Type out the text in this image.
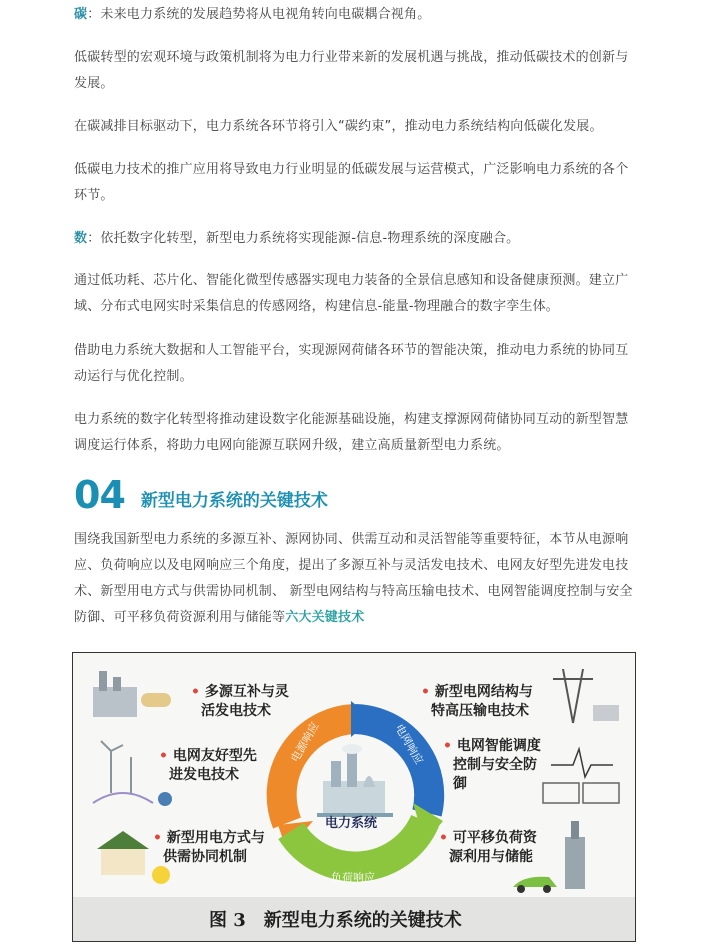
碳：未来电力系统的发展趋势将从电视角转向电碳耦合视角。

低碳转型的宏观环境与政策机制将为电力行业带来新的发展机遇与挑战，推动低碳技术的创新与发展。

在碳减排目标驱动下，电力系统各环节将引入“碳约束”，推动电力系统结构向低碳化发展。

低碳电力技术的推广应用将导致电力行业明显的低碳发展与运营模式，广泛影响电力系统的各个环节。

数：依托数字化转型，新型电力系统将实现能源-信息-物理系统的深度融合。

通过低功耗、芯片化、智能化微型传感器实现电力装备的全景信息感知和设备健康预测。建立广域、分布式电网实时采集信息的传感网络，构建信息-能量-物理融合的数字孪生体。

借助电力系统大数据和人工智能平台，实现源网荷储各环节的智能决策，推动电力系统的协同互动运行与优化控制。

电力系统的数字化转型将推动建设数字化能源基础设施，构建支撑源网荷储协同互动的新型智慧调度运行体系，将助力电网向能源互联网升级，建立高质量新型电力系统。

04 新型电力系统的关键技术

围绕我国新型电力系统的多源互补、源网协同、供需互动和灵活智能等重要特征，本节从电源响应、负荷响应以及电网响应三个角度，提出了多源互补与灵活发电技术、电网友好型先进发电技术、新型用电方式与供需协同机制、 新型电网结构与特高压输电技术、电网智能调度控制与安全防御、可平移负荷资源利用与储能等六大关键技术

电源响应	电网响应
负荷响应
电力系统
• 多源互补与灵
活发电技术
• 电网友好型先
进发电技术
• 新型用电方式与
供需协同机制
• 新型电网结构与
特高压输电技术
• 电网智能调度
控制与安全防
御
• 可平移负荷资
源利用与储能
图 3 新型电力系统的关键技术
